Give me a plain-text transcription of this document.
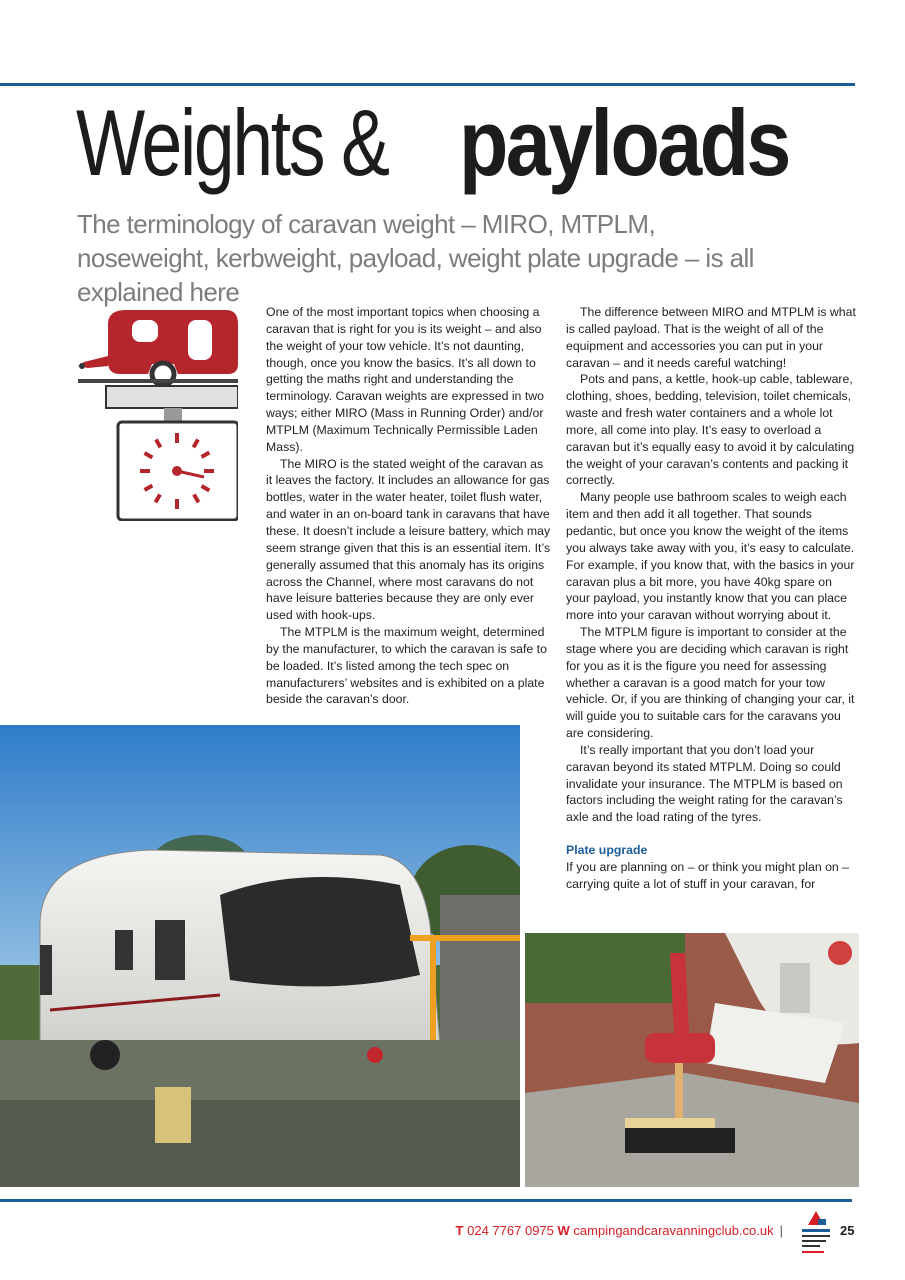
Weights & payloads

The terminology of caravan weight – MIRO, MTPLM, noseweight, kerbweight, payload, weight plate upgrade – is all explained here

One of the most important topics when choosing a caravan that is right for you is its weight – and also the weight of your tow vehicle. It’s not daunting, though, once you know the basics. It’s all down to getting the maths right and understanding the terminology. Caravan weights are expressed in two ways; either MIRO (Mass in Running Order) and/or MTPLM (Maximum Technically Permissible Laden Mass).

The MIRO is the stated weight of the caravan as it leaves the factory. It includes an allowance for gas bottles, water in the water heater, toilet flush water, and water in an on-board tank in caravans that have these. It doesn’t include a leisure battery, which may seem strange given that this is an essential item. It’s generally assumed that this anomaly has its origins across the Channel, where most caravans do not have leisure batteries because they are only ever used with hook-ups.

The MTPLM is the maximum weight, determined by the manufacturer, to which the caravan is safe to be loaded. It’s listed among the tech spec on manufacturers’ websites and is exhibited on a plate beside the caravan’s door.

The difference between MIRO and MTPLM is what is called payload. That is the weight of all of the equipment and accessories you can put in your caravan – and it needs careful watching!

Pots and pans, a kettle, hook-up cable, tableware, clothing, shoes, bedding, television, toilet chemicals, waste and fresh water containers and a whole lot more, all come into play. It’s easy to overload a caravan but it’s equally easy to avoid it by calculating the weight of your caravan’s contents and packing it correctly.

Many people use bathroom scales to weigh each item and then add it all together. That sounds pedantic, but once you know the weight of the items you always take away with you, it’s easy to calculate. For example, if you know that, with the basics in your caravan plus a bit more, you have 40kg spare on your payload, you instantly know that you can place more into your caravan without worrying about it.

The MTPLM figure is important to consider at the stage where you are deciding which caravan is right for you as it is the figure you need for assessing whether a caravan is a good match for your tow vehicle. Or, if you are thinking of changing your car, it will guide you to suitable cars for the caravans you are considering.

It’s really important that you don’t load your caravan beyond its stated MTPLM. Doing so could invalidate your insurance. The MTPLM is based on factors including the weight rating for the caravan’s axle and the load rating of the tyres.

Plate upgrade

If you are planning on – or think you might plan on – carrying quite a lot of stuff in your caravan, for

T 024 7767 0975 W campingandcaravanningclub.co.uk |	25
